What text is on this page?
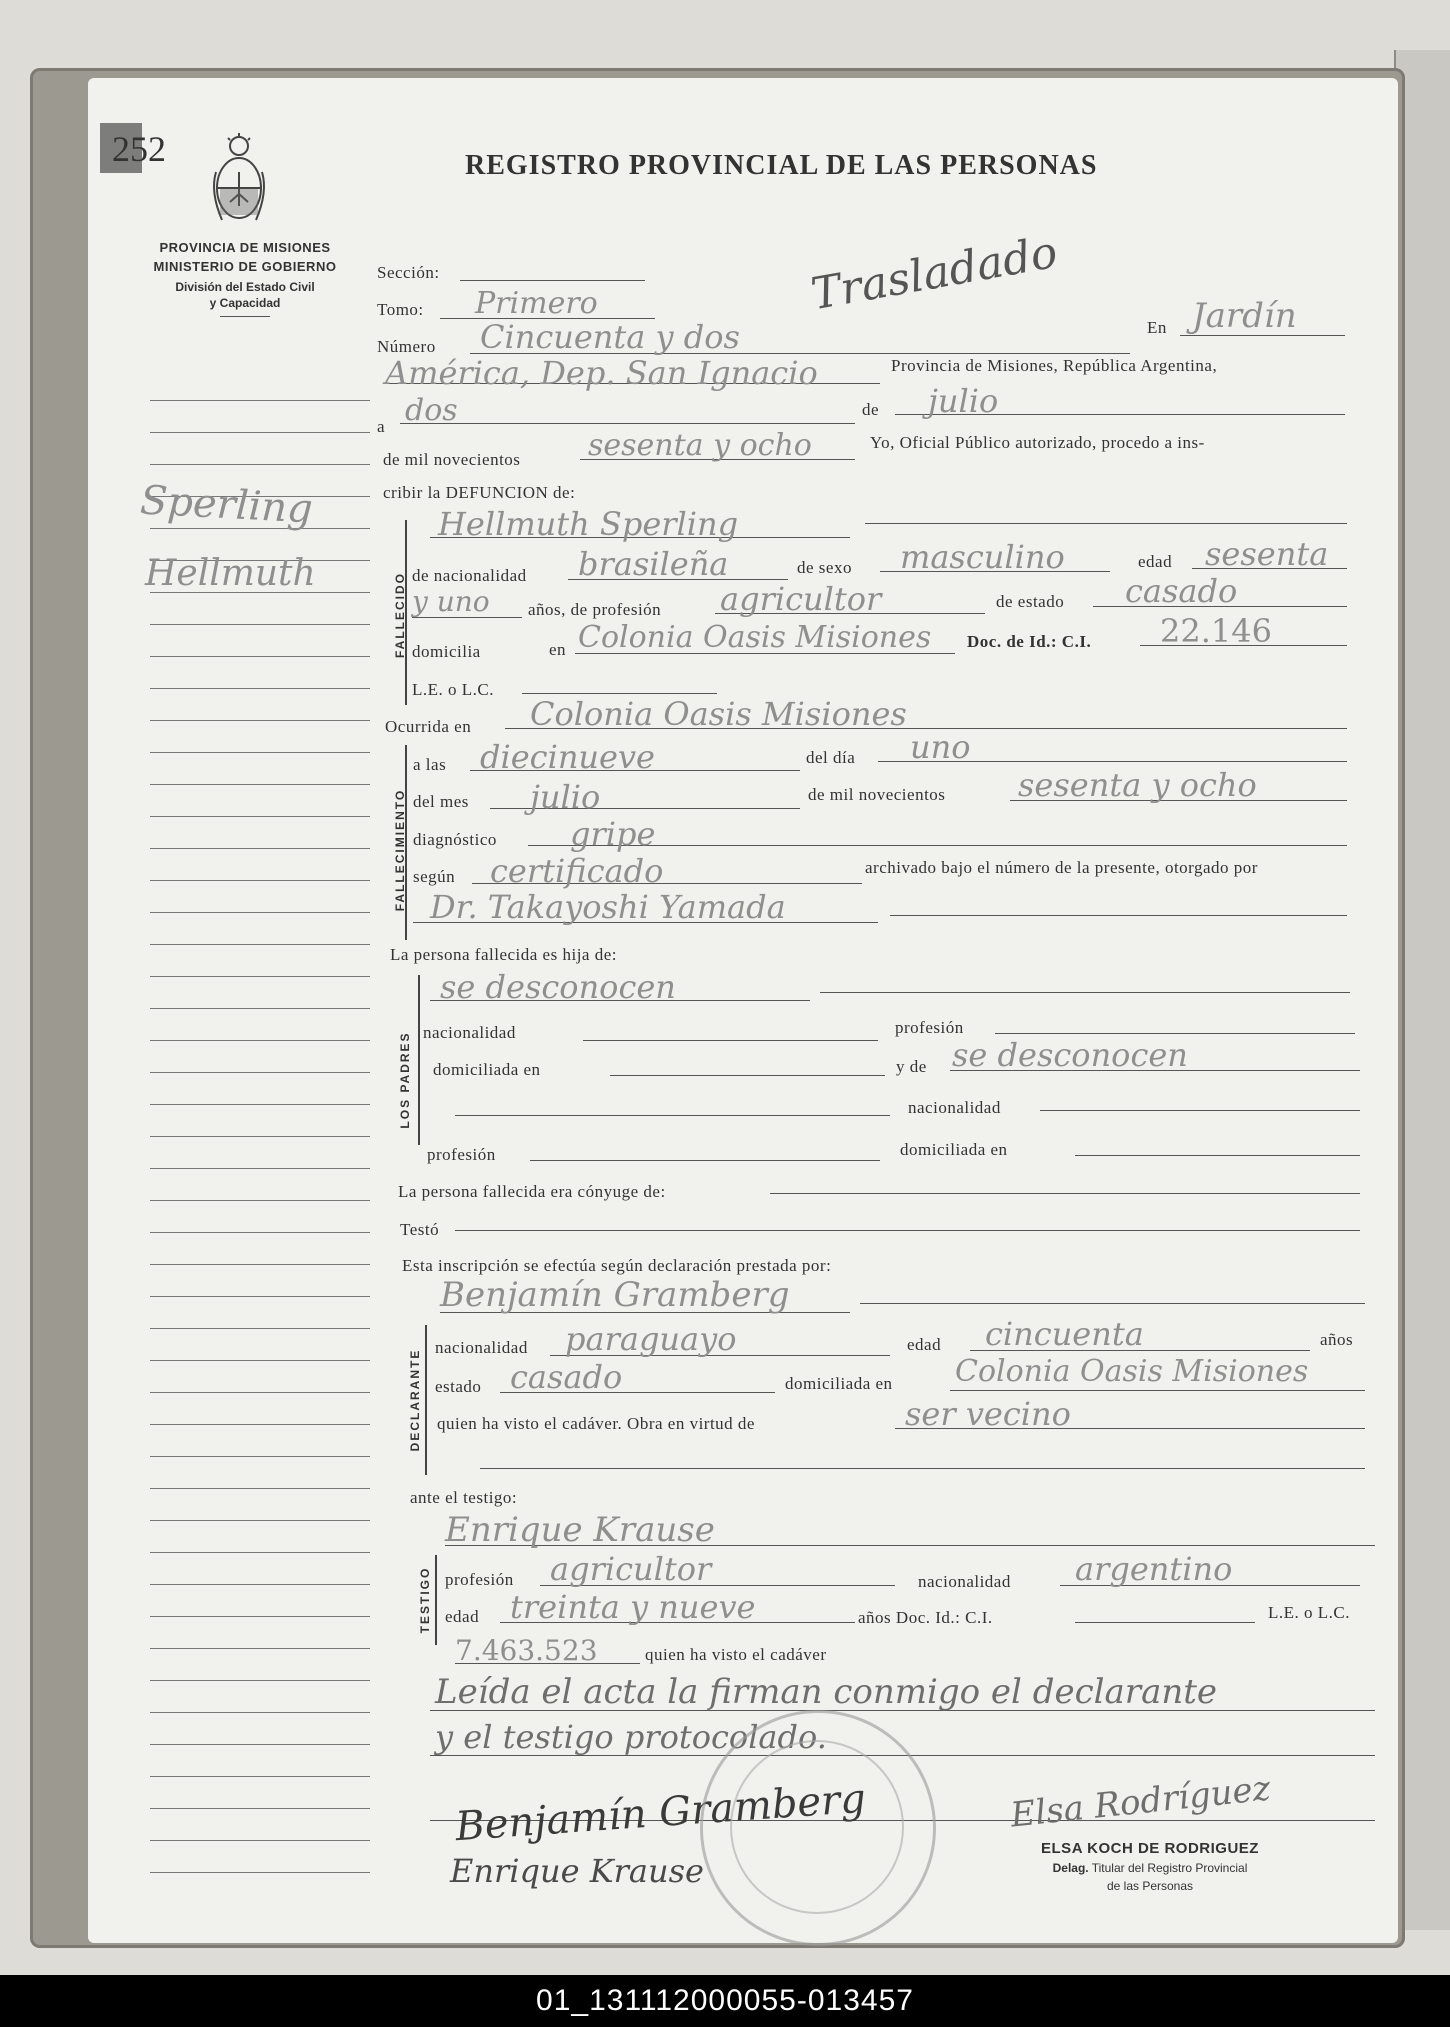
252	REGISTRO PROVINCIAL DE LAS PERSONAS
PROVINCIA DE MISIONES
MINISTERIO DE GOBIERNO
División del Estado Civil
y Capacidad
Sperling
Hellmuth
Trasladado
Sección:
Tomo: Primero
Número Cincuenta y dos	En Jardín
América, Dep. San Ignacio	Provincia de Misiones, República Argentina,
a dos	de julio
de mil novecientos sesenta y ocho	Yo, Oficial Público autorizado, procedo a ins-
cribir la DEFUNCION de:
FALLECIDO
Hellmuth Sperling
de nacionalidad brasileña	de sexo masculino	edad sesenta
y uno años, de profesión agricultor	de estado casado
domicilia	en Colonia Oasis Misiones Doc. de Id.: C.I. 22.146
L.E. o L.C.
Ocurrida en Colonia Oasis Misiones
FALLECIMIENTO
a las diecinueve	del día uno
del mes julio	de mil novecientos sesenta y ocho
diagnóstico gripe
según certificado	archivado bajo el número de la presente, otorgado por
Dr. Takayoshi Yamada
La persona fallecida es hija de:
LOS PADRES
se desconocen
nacionalidad	profesión
domiciliada en	y de se desconocen
nacionalidad
profesión	domiciliada en
La persona fallecida era cónyuge de:
Testó
Esta inscripción se efectúa según declaración prestada por:
Benjamín Gramberg
DECLARANTE
nacionalidad paraguayo	edad cincuenta	años
estado casado	domiciliada en Colonia Oasis Misiones
quien ha visto el cadáver. Obra en virtud de	ser vecino
ante el testigo:
Enrique Krause
TESTIGO profesión agricultor	nacionalidad argentino
edad treinta y nueve	años Doc. Id.: C.I.	L.E. o L.C.
7.463.523	quien ha visto el cadáver
Leída el acta la firman conmigo el declarante
y el testigo protocolado.
Benjamín Gramberg
Enrique Krause
Elsa Rodríguez
ELSA KOCH DE RODRIGUEZ
Delag. Titular del Registro Provincial
de las Personas
01_131112000055-013457
